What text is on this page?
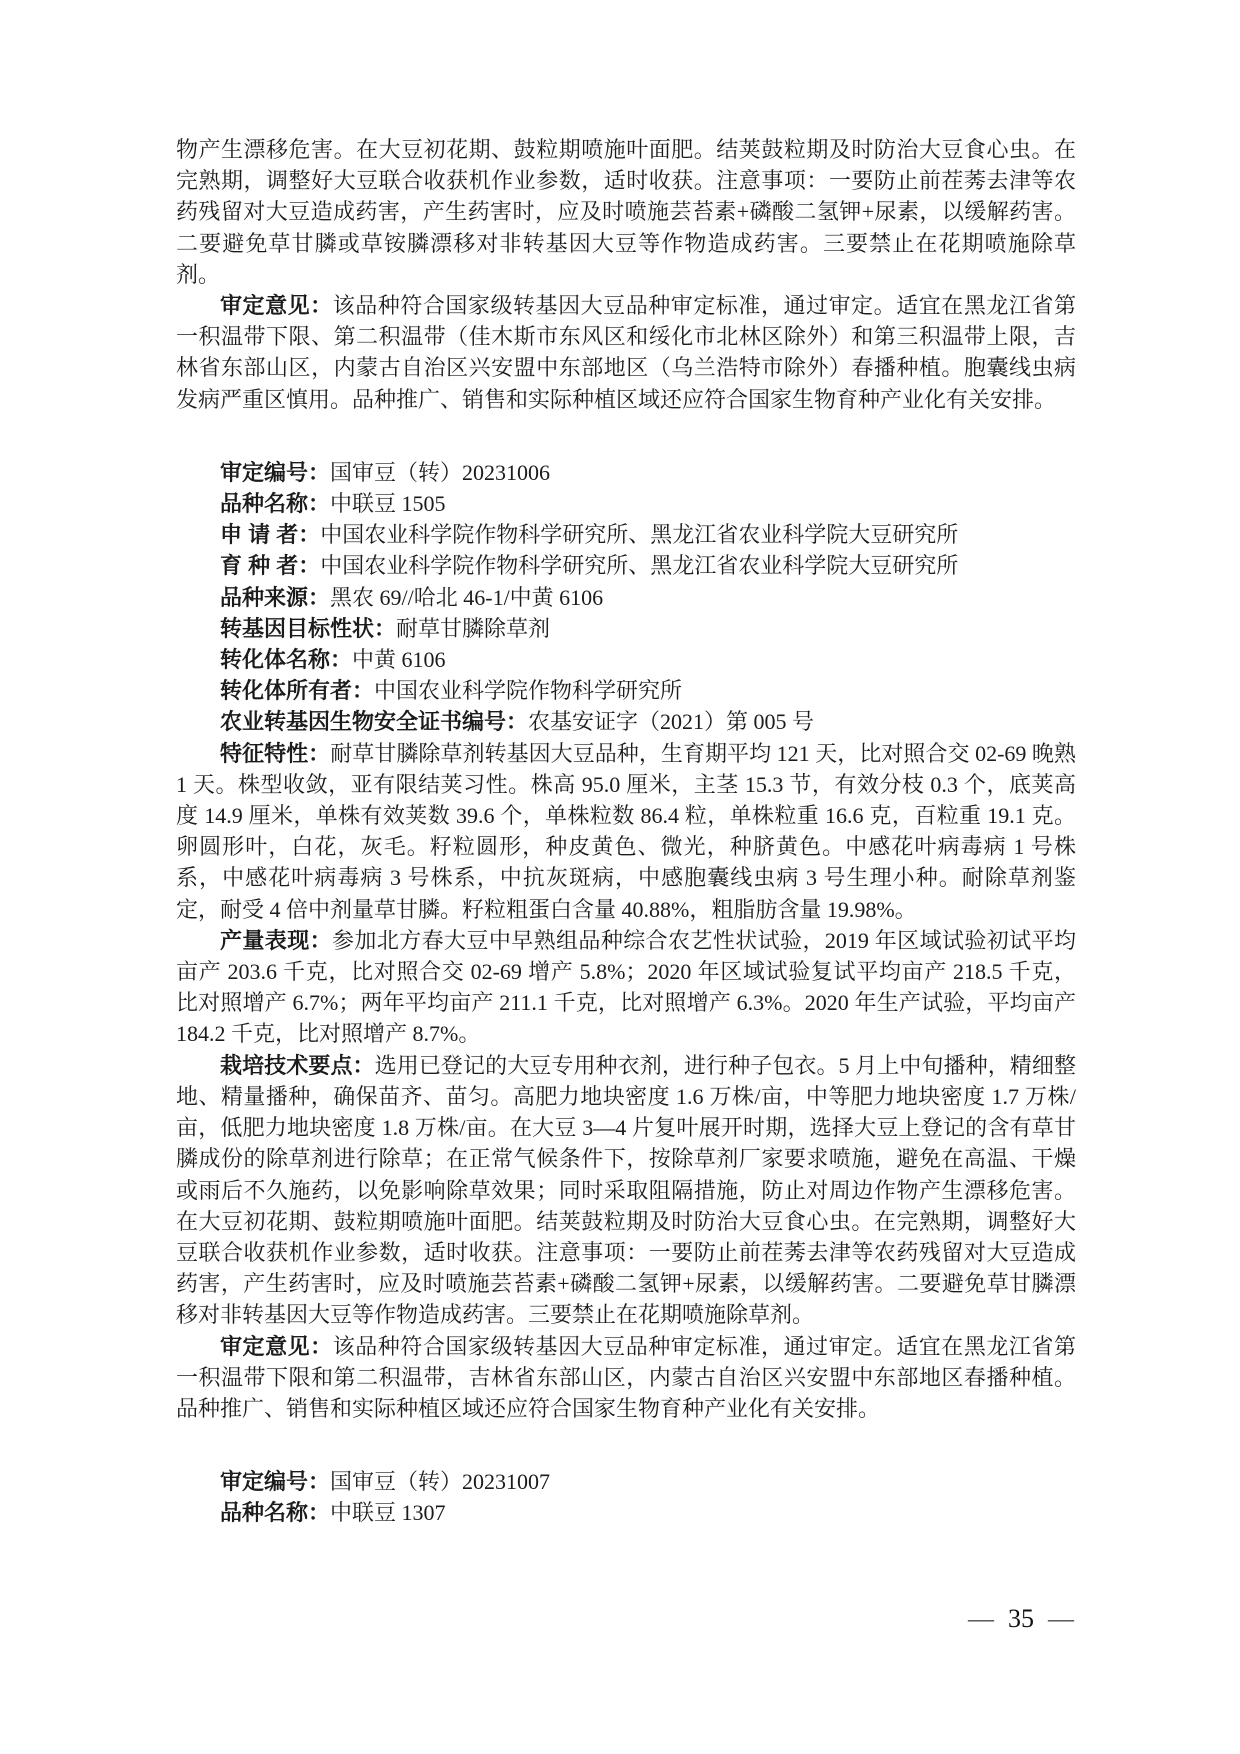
物产生漂移危害。在大豆初花期、鼓粒期喷施叶面肥。结荚鼓粒期及时防治大豆食心虫。在完熟期，调整好大豆联合收获机作业参数，适时收获。注意事项：一要防止前茬莠去津等农药残留对大豆造成药害，产生药害时，应及时喷施芸苔素+磷酸二氢钾+尿素，以缓解药害。二要避免草甘膦或草铵膦漂移对非转基因大豆等作物造成药害。三要禁止在花期喷施除草剂。

审定意见：该品种符合国家级转基因大豆品种审定标准，通过审定。适宜在黑龙江省第一积温带下限、第二积温带（佳木斯市东风区和绥化市北林区除外）和第三积温带上限，吉林省东部山区，内蒙古自治区兴安盟中东部地区（乌兰浩特市除外）春播种植。胞囊线虫病发病严重区慎用。品种推广、销售和实际种植区域还应符合国家生物育种产业化有关安排。

审定编号：国审豆（转）20231006

品种名称：中联豆 1505

申 请 者：中国农业科学院作物科学研究所、黑龙江省农业科学院大豆研究所

育 种 者：中国农业科学院作物科学研究所、黑龙江省农业科学院大豆研究所

品种来源：黑农 69//哈北 46-1/中黄 6106

转基因目标性状：耐草甘膦除草剂

转化体名称：中黄 6106

转化体所有者：中国农业科学院作物科学研究所

农业转基因生物安全证书编号：农基安证字（2021）第 005 号

特征特性：耐草甘膦除草剂转基因大豆品种，生育期平均 121 天，比对照合交 02-69 晚熟 1 天。株型收敛，亚有限结荚习性。株高 95.0 厘米，主茎 15.3 节，有效分枝 0.3 个，底荚高度 14.9 厘米，单株有效荚数 39.6 个，单株粒数 86.4 粒，单株粒重 16.6 克，百粒重 19.1 克。卵圆形叶，白花，灰毛。籽粒圆形，种皮黄色、微光，种脐黄色。中感花叶病毒病 1 号株系，中感花叶病毒病 3 号株系，中抗灰斑病，中感胞囊线虫病 3 号生理小种。耐除草剂鉴定，耐受 4 倍中剂量草甘膦。籽粒粗蛋白含量 40.88%，粗脂肪含量 19.98%。

产量表现：参加北方春大豆中早熟组品种综合农艺性状试验，2019 年区域试验初试平均亩产 203.6 千克，比对照合交 02-69 增产 5.8%；2020 年区域试验复试平均亩产 218.5 千克，比对照增产 6.7%；两年平均亩产 211.1 千克，比对照增产 6.3%。2020 年生产试验，平均亩产 184.2 千克，比对照增产 8.7%。

栽培技术要点：选用已登记的大豆专用种衣剂，进行种子包衣。5 月上中旬播种，精细整地、精量播种，确保苗齐、苗匀。高肥力地块密度 1.6 万株/亩，中等肥力地块密度 1.7 万株/亩，低肥力地块密度 1.8 万株/亩。在大豆 3—4 片复叶展开时期，选择大豆上登记的含有草甘膦成份的除草剂进行除草；在正常气候条件下，按除草剂厂家要求喷施，避免在高温、干燥或雨后不久施药，以免影响除草效果；同时采取阻隔措施，防止对周边作物产生漂移危害。在大豆初花期、鼓粒期喷施叶面肥。结荚鼓粒期及时防治大豆食心虫。在完熟期，调整好大豆联合收获机作业参数，适时收获。注意事项：一要防止前茬莠去津等农药残留对大豆造成药害，产生药害时，应及时喷施芸苔素+磷酸二氢钾+尿素，以缓解药害。二要避免草甘膦漂移对非转基因大豆等作物造成药害。三要禁止在花期喷施除草剂。

审定意见：该品种符合国家级转基因大豆品种审定标准，通过审定。适宜在黑龙江省第一积温带下限和第二积温带，吉林省东部山区，内蒙古自治区兴安盟中东部地区春播种植。品种推广、销售和实际种植区域还应符合国家生物育种产业化有关安排。

审定编号：国审豆（转）20231007

品种名称：中联豆 1307

— 35 —
